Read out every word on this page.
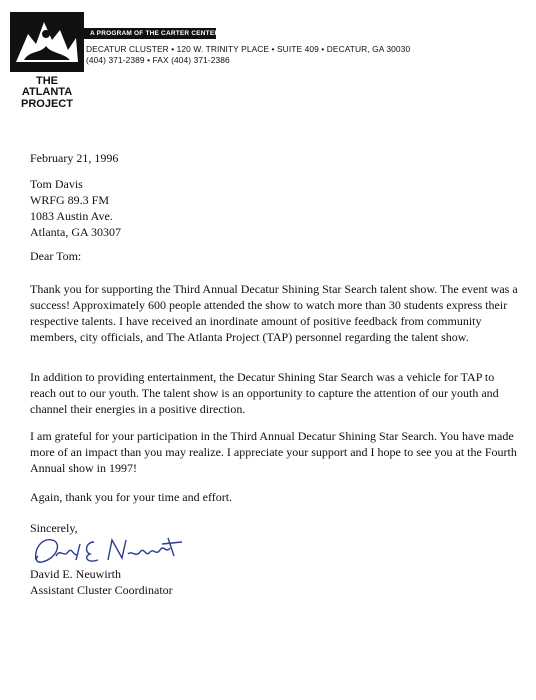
THE
ATLANTA
PROJECT
A PROGRAM OF THE CARTER CENTER
DECATUR CLUSTER • 120 W. TRINITY PLACE • SUITE 409 • DECATUR, GA 30030
(404) 371-2389 • FAX (404) 371-2386
February 21, 1996
Tom Davis
WRFG 89.3 FM
1083 Austin Ave.
Atlanta, GA 30307
Dear Tom:
Thank you for supporting the Third Annual Decatur Shining Star Search talent show. The event was a success! Approximately 600 people attended the show to watch more than 30 students express their respective talents. I have received an inordinate amount of positive feedback from community members, city officials, and The Atlanta Project (TAP) personnel regarding the talent show.
In addition to providing entertainment, the Decatur Shining Star Search was a vehicle for TAP to reach out to our youth. The talent show is an opportunity to capture the attention of our youth and channel their energies in a positive direction.
I am grateful for your participation in the Third Annual Decatur Shining Star Search. You have made more of an impact than you may realize. I appreciate your support and I hope to see you at the Fourth Annual show in 1997!
Again, thank you for your time and effort.
Sincerely,
David E. Neuwirth
Assistant Cluster Coordinator
